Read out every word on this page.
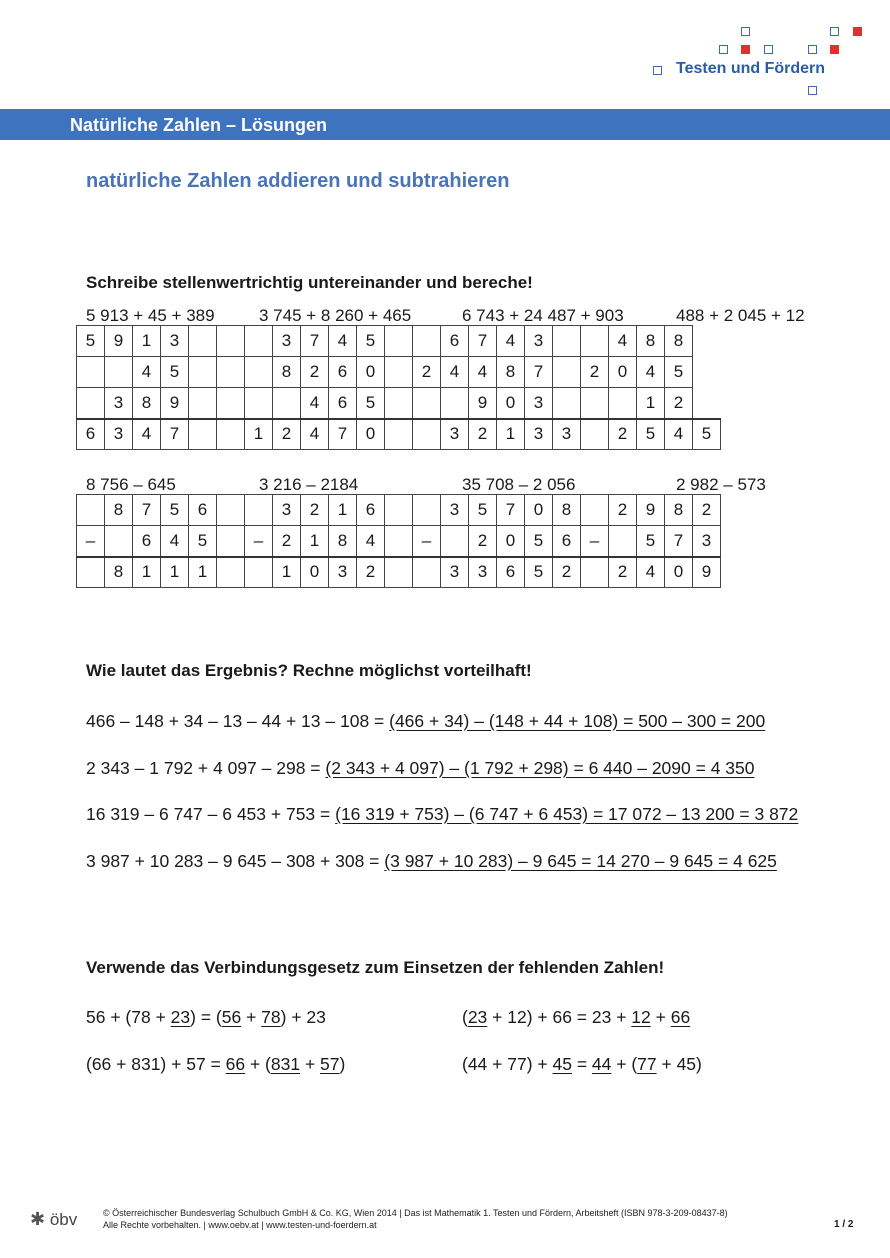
Testen und Fördern
Natürliche Zahlen – Lösungen
natürliche Zahlen addieren und subtrahieren
Schreibe stellenwertrichtig untereinander und bereche!
5 913 + 45 + 389	3 745 + 8 260 + 465	6 743 + 24 487 + 903	488 + 2 045 + 12
5	9	1	3				3	7	4	5			6	7	4	3			4	8	8	
		4	5				8	2	6	0		2	4	4	8	7		2	0	4	5	
	3	8	9					4	6	5				9	0	3				1	2	
6	3	4	7			1	2	4	7	0			3	2	1	3	3		2	5	4	5
8 756 – 645	3 216 – 2184	35 708 – 2 056	2 982 – 573
	8	7	5	6			3	2	1	6			3	5	7	0	8		2	9	8	2
–		6	4	5		–	2	1	8	4		–		2	0	5	6	–		5	7	3
	8	1	1	1			1	0	3	2			3	3	6	5	2		2	4	0	9
Wie lautet das Ergebnis? Rechne möglichst vorteilhaft!
466 – 148 + 34 – 13 – 44 + 13 – 108 = (466 + 34) – (148 + 44 + 108) = 500 – 300 = 200
2 343 – 1 792 + 4 097 – 298 = (2 343 + 4 097) – (1 792 + 298) = 6 440 – 2090 = 4 350
16 319 – 6 747 – 6 453 + 753 = (16 319 + 753) – (6 747 + 6 453) = 17 072 – 13 200 = 3 872
3 987 + 10 283 – 9 645 – 308 + 308 = (3 987 + 10 283) – 9 645 = 14 270 – 9 645 = 4 625
Verwende das Verbindungsgesetz zum Einsetzen der fehlenden Zahlen!
56 + (78 + 23) = (56 + 78) + 23	(23 + 12) + 66 = 23 + 12 + 66
(66 + 831) + 57 = 66 + (831 + 57)	(44 + 77) + 45 = 44 + (77 + 45)
✱ öbv	© Österreichischer Bundesverlag Schulbuch GmbH & Co. KG, Wien 2014 | Das ist Mathematik 1. Testen und Fördern, Arbeitsheft (ISBN 978-3-209-08437-8)
Alle Rechte vorbehalten. | www.oebv.at | www.testen-und-foerdern.at	1 / 2
